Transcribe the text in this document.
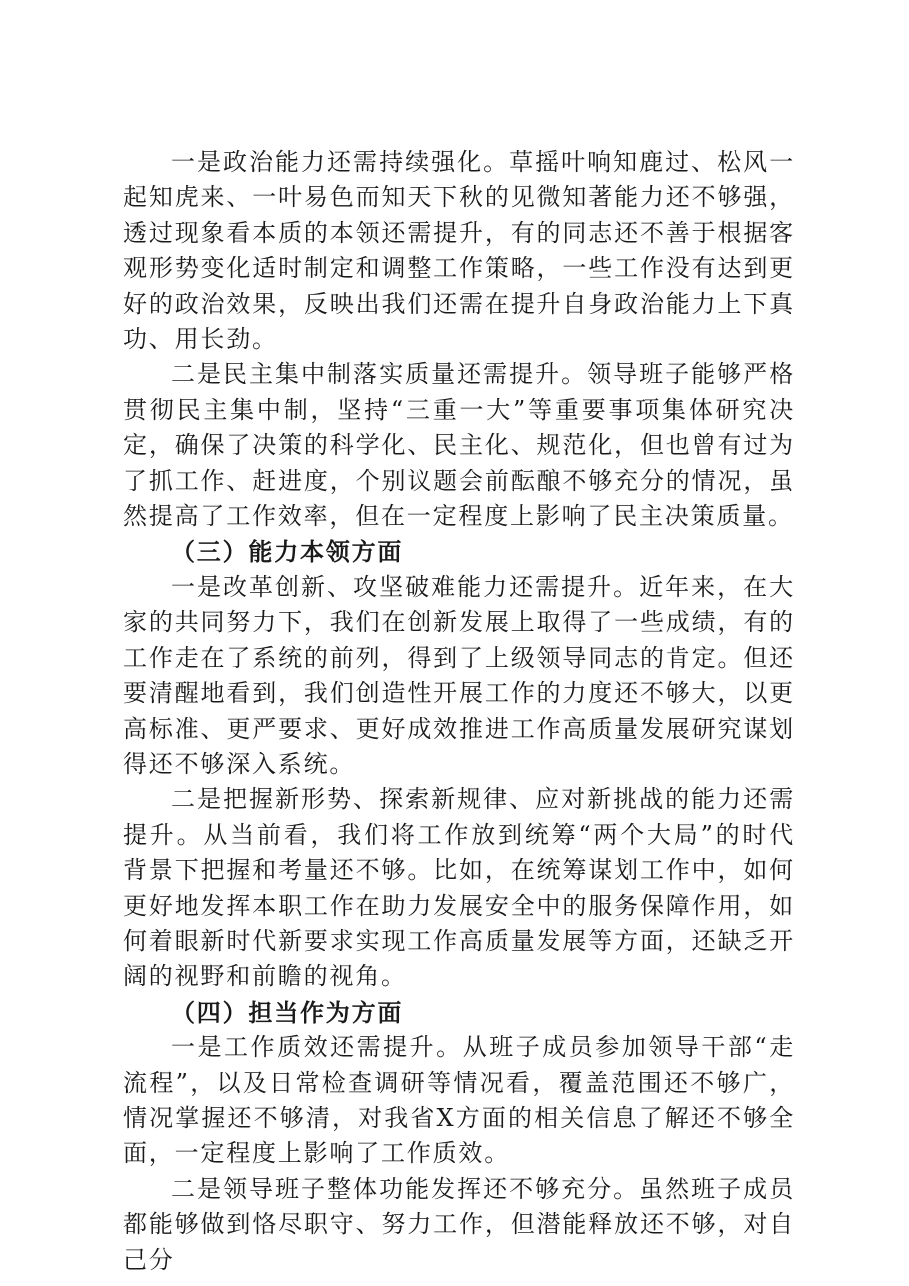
一是政治能力还需持续强化。草摇叶响知鹿过、松风一起知虎来、一叶易色而知天下秋的见微知著能力还不够强，透过现象看本质的本领还需提升，有的同志还不善于根据客观形势变化适时制定和调整工作策略，一些工作没有达到更好的政治效果，反映出我们还需在提升自身政治能力上下真功、用长劲。

二是民主集中制落实质量还需提升。领导班子能够严格贯彻民主集中制，坚持“三重一大”等重要事项集体研究决定，确保了决策的科学化、民主化、规范化，但也曾有过为了抓工作、赶进度，个别议题会前酝酿不够充分的情况，虽然提高了工作效率，但在一定程度上影响了民主决策质量。

（三）能力本领方面

一是改革创新、攻坚破难能力还需提升。近年来，在大家的共同努力下，我们在创新发展上取得了一些成绩，有的工作走在了系统的前列，得到了上级领导同志的肯定。但还要清醒地看到，我们创造性开展工作的力度还不够大，以更高标准、更严要求、更好成效推进工作高质量发展研究谋划得还不够深入系统。

二是把握新形势、探索新规律、应对新挑战的能力还需提升。从当前看，我们将工作放到统筹“两个大局”的时代背景下把握和考量还不够。比如，在统筹谋划工作中，如何更好地发挥本职工作在助力发展安全中的服务保障作用，如何着眼新时代新要求实现工作高质量发展等方面，还缺乏开阔的视野和前瞻的视角。

（四）担当作为方面

一是工作质效还需提升。从班子成员参加领导干部“走流程”，以及日常检查调研等情况看，覆盖范围还不够广，情况掌握还不够清，对我省X方面的相关信息了解还不够全面，一定程度上影响了工作质效。

二是领导班子整体功能发挥还不够充分。虽然班子成员都能够做到恪尽职守、努力工作，但潜能释放还不够，对自己分
